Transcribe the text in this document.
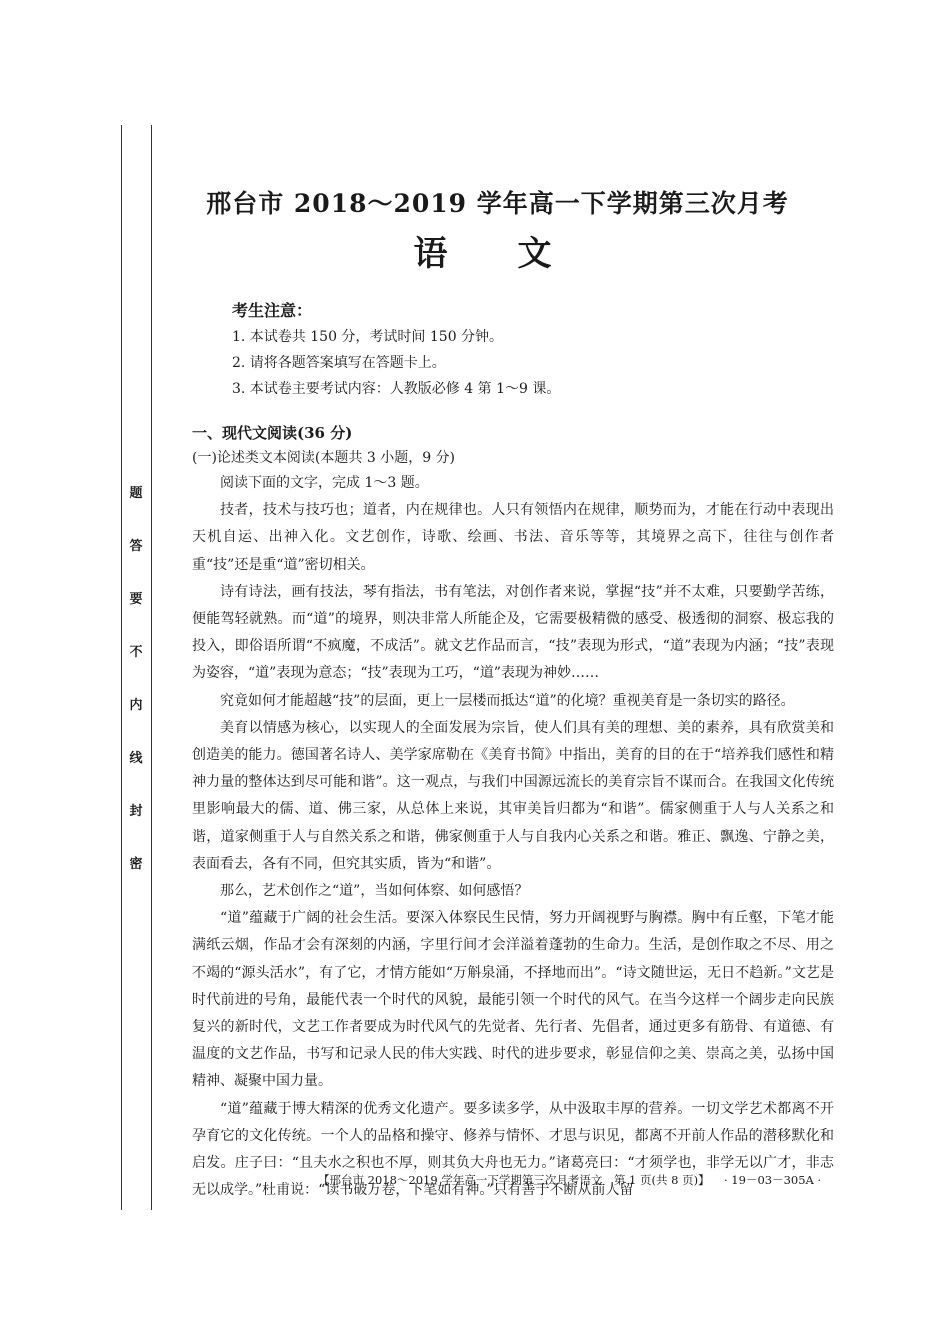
题
答
要
不
内
线
封
密
邢台市 2018～2019 学年高一下学期第三次月考
语文
考生注意：
1. 本试卷共 150 分，考试时间 150 分钟。
2. 请将各题答案填写在答题卡上。
3. 本试卷主要考试内容：人教版必修 4 第 1～9 课。
一、现代文阅读(36 分)
(一)论述类文本阅读(本题共 3 小题，9 分)

阅读下面的文字，完成 1～3 题。

技者，技术与技巧也；道者，内在规律也。人只有领悟内在规律，顺势而为，才能在行动中表现出天机自运、出神入化。文艺创作，诗歌、绘画、书法、音乐等等，其境界之高下，往往与创作者重“技”还是重“道”密切相关。

诗有诗法，画有技法，琴有指法，书有笔法，对创作者来说，掌握“技”并不太难，只要勤学苦练，便能驾轻就熟。而“道”的境界，则决非常人所能企及，它需要极精微的感受、极透彻的洞察、极忘我的投入，即俗语所谓“不疯魔，不成活”。就文艺作品而言，“技”表现为形式，“道”表现为内涵；“技”表现为姿容，“道”表现为意态；“技”表现为工巧，“道”表现为神妙……

究竟如何才能超越“技”的层面，更上一层楼而抵达“道”的化境？重视美育是一条切实的路径。

美育以情感为核心，以实现人的全面发展为宗旨，使人们具有美的理想、美的素养，具有欣赏美和创造美的能力。德国著名诗人、美学家席勒在《美育书简》中指出，美育的目的在于“培养我们感性和精神力量的整体达到尽可能和谐”。这一观点，与我们中国源远流长的美育宗旨不谋而合。在我国文化传统里影响最大的儒、道、佛三家，从总体上来说，其审美旨归都为“和谐”。儒家侧重于人与人关系之和谐，道家侧重于人与自然关系之和谐，佛家侧重于人与自我内心关系之和谐。雅正、飘逸、宁静之美，表面看去，各有不同，但究其实质，皆为“和谐”。

那么，艺术创作之“道”，当如何体察、如何感悟？

“道”蕴藏于广阔的社会生活。要深入体察民生民情，努力开阔视野与胸襟。胸中有丘壑，下笔才能满纸云烟，作品才会有深刻的内涵，字里行间才会洋溢着蓬勃的生命力。生活，是创作取之不尽、用之不竭的“源头活水”，有了它，才情方能如“万斛泉涌，不择地而出”。“诗文随世运，无日不趋新。”文艺是时代前进的号角，最能代表一个时代的风貌，最能引领一个时代的风气。在当今这样一个阔步走向民族复兴的新时代，文艺工作者要成为时代风气的先觉者、先行者、先倡者，通过更多有筋骨、有道德、有温度的文艺作品，书写和记录人民的伟大实践、时代的进步要求，彰显信仰之美、崇高之美，弘扬中国精神、凝聚中国力量。

“道”蕴藏于博大精深的优秀文化遗产。要多读多学，从中汲取丰厚的营养。一切文学艺术都离不开孕育它的文化传统。一个人的品格和操守、修养与情怀、才思与识见，都离不开前人作品的潜移默化和启发。庄子曰：“且夫水之积也不厚，则其负大舟也无力。”诸葛亮曰：“才须学也，非学无以广才，非志无以成学。”杜甫说：“读书破万卷，下笔如有神。”只有善于不断从前人留

【邢台市 2018～2019 学年高一下学期第三次月考语文　第 1 页(共 8 页)】 · 19－03－305A ·
